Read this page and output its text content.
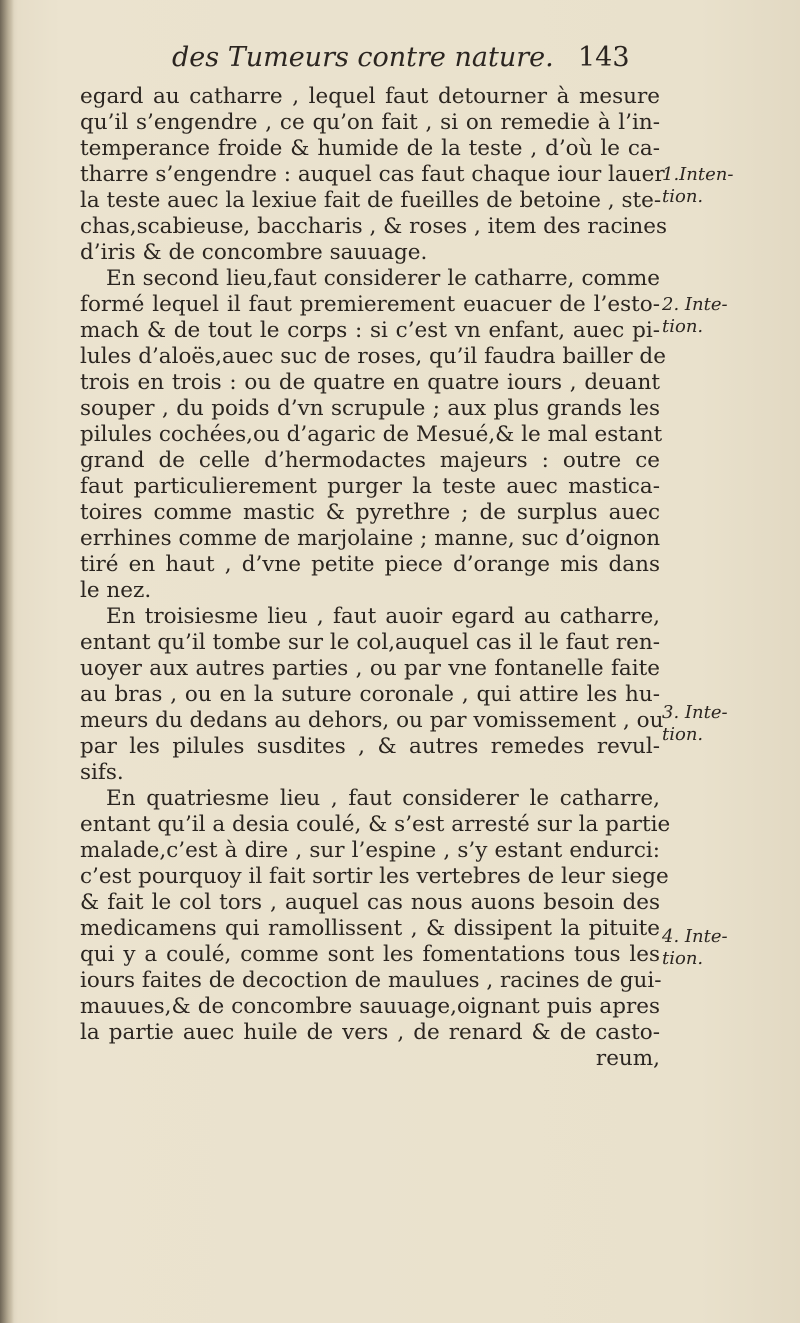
des Tumeurs contre nature. 143
egard au catharre , lequel faut detourner à mesure
qu’il s’engendre , ce qu’on fait , si on remedie à l’in-
temperance froide & humide de la teste , d’où le ca-
tharre s’engendre : auquel cas faut chaque iour lauer
la teste auec la lexiue fait de fueilles de betoine , ste-
chas,scabieuse, baccharis , & roses , item des racines
d’iris & de concombre sauuage.
En second lieu,faut considerer le catharre, comme
formé lequel il faut premierement euacuer de l’esto-
mach & de tout le corps : si c’est vn enfant, auec pi-
lules d’aloës,auec suc de roses, qu’il faudra bailler de
trois en trois : ou de quatre en quatre iours , deuant
souper , du poids d’vn scrupule ; aux plus grands les
pilules cochées,ou d’agaric de Mesué,& le mal estant
grand de celle d’hermodactes majeurs : outre ce
faut particulierement purger la teste auec mastica-
toires comme mastic & pyrethre ; de surplus auec
errhines comme de marjolaine ; manne, suc d’oignon
tiré en haut , d’vne petite piece d’orange mis dans
le nez.
En troisiesme lieu , faut auoir egard au catharre,
entant qu’il tombe sur le col,auquel cas il le faut ren-
uoyer aux autres parties , ou par vne fontanelle faite
au bras , ou en la suture coronale , qui attire les hu-
meurs du dedans au dehors, ou par vomissement , ou
par les pilules susdites , & autres remedes revul-
sifs.
En quatriesme lieu , faut considerer le catharre,
entant qu’il a desia coulé, & s’est arresté sur la partie
malade,c’est à dire , sur l’espine , s’y estant endurci:
c’est pourquoy il fait sortir les vertebres de leur siege
& fait le col tors , auquel cas nous auons besoin des
medicamens qui ramollissent , & dissipent la pituite
qui y a coulé, comme sont les fomentations tous les
iours faites de decoction de maulues , racines de gui-
mauues,& de concombre sauuage,oignant puis apres
la partie auec huile de vers , de renard & de casto-
reum,
1.Inten-
tion.
2. Inte-
tion.
3. Inte-
tion.
4. Inte-
tion.
